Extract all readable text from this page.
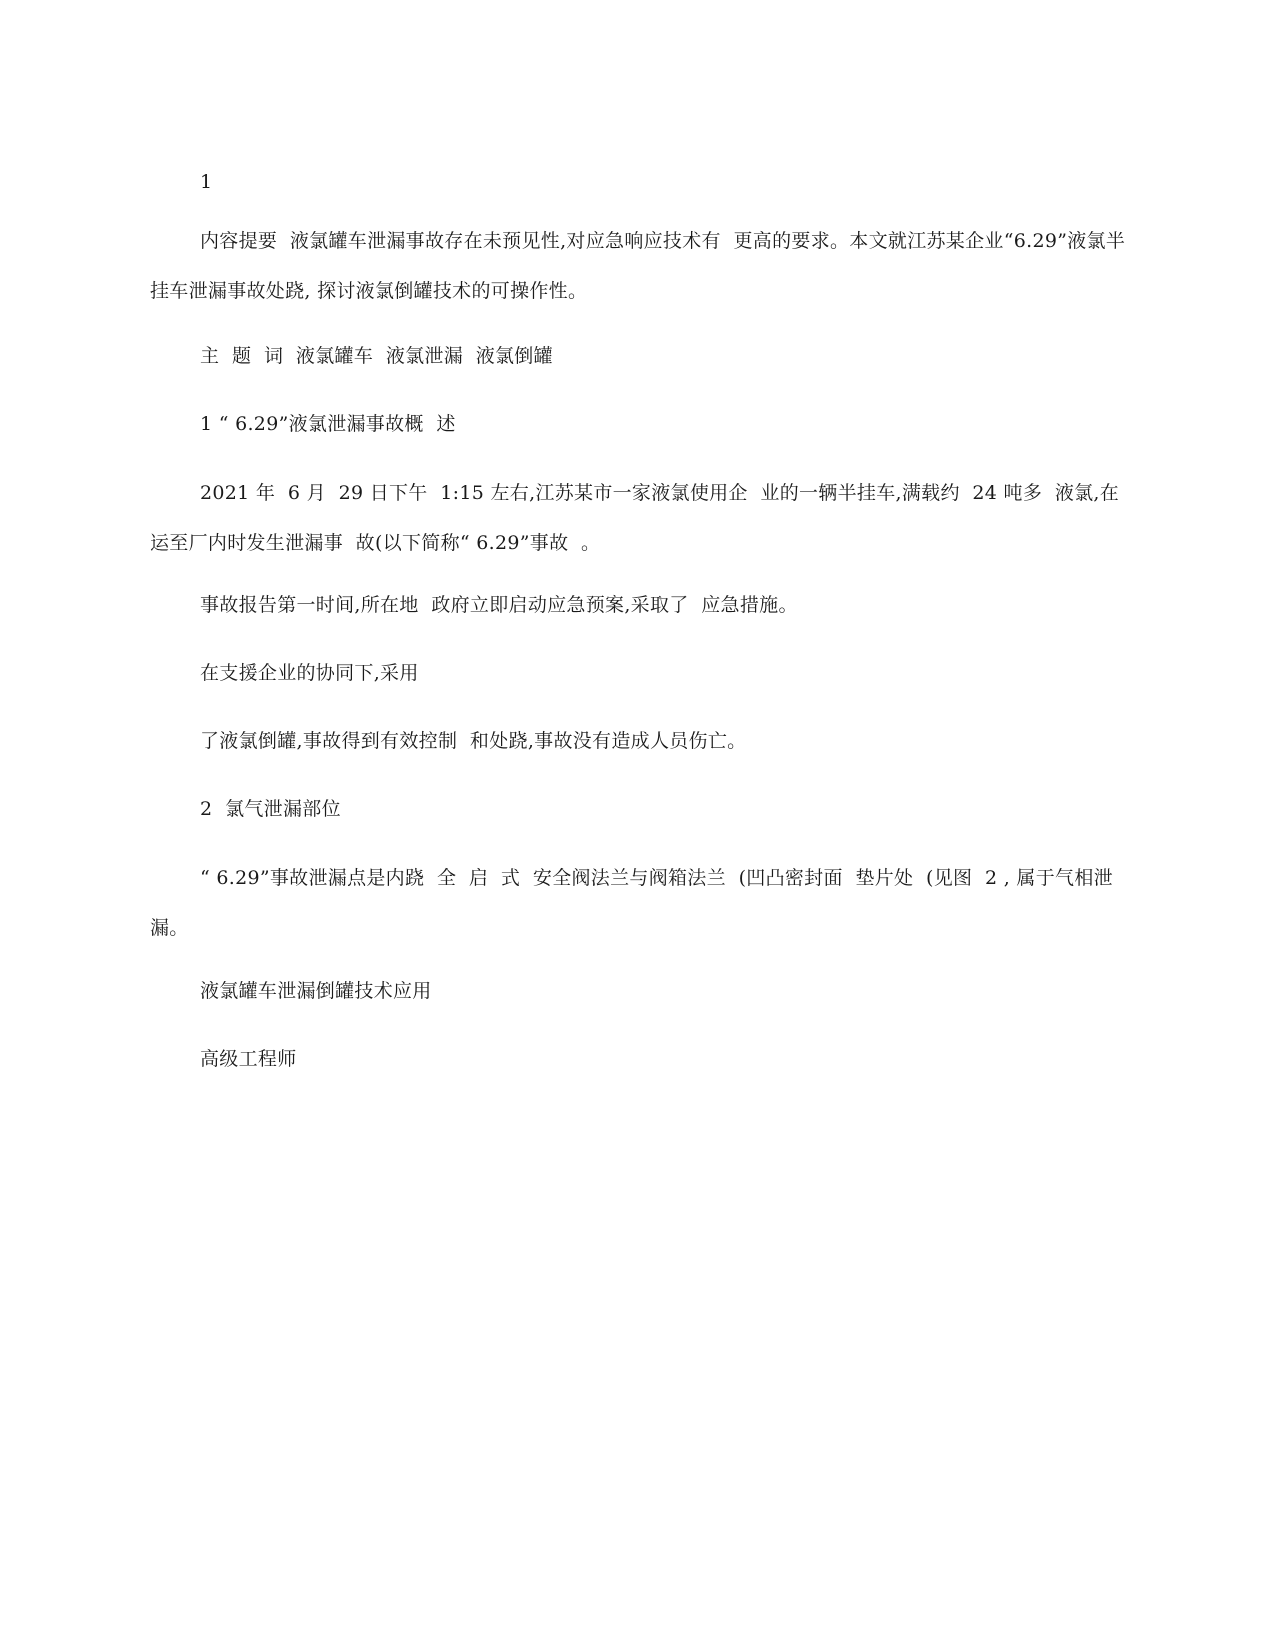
1

内容提要  液氯罐车泄漏事故存在未预见性,对应急响应技术有  更高的要求。本文就江苏某企业“6.29”液氯半挂车泄漏事故处跷, 探讨液氯倒罐技术的可操作性。

主  题  词  液氯罐车  液氯泄漏  液氯倒罐

1 “ 6.29”液氯泄漏事故概  述

2021 年  6 月  29 日下午  1:15 左右,江苏某市一家液氯使用企  业的一辆半挂车,满载约  24 吨多  液氯,在运至厂内时发生泄漏事  故(以下简称“ 6.29”事故  。

事故报告第一时间,所在地  政府立即启动应急预案,采取了  应急措施。

在支援企业的协同下,采用

了液氯倒罐,事故得到有效控制  和处跷,事故没有造成人员伤亡。

2  氯气泄漏部位

“ 6.29”事故泄漏点是内跷  全  启  式  安全阀法兰与阀箱法兰  (凹凸密封面  垫片处  (见图  2 , 属于气相泄漏。

液氯罐车泄漏倒罐技术应用

高级工程师
